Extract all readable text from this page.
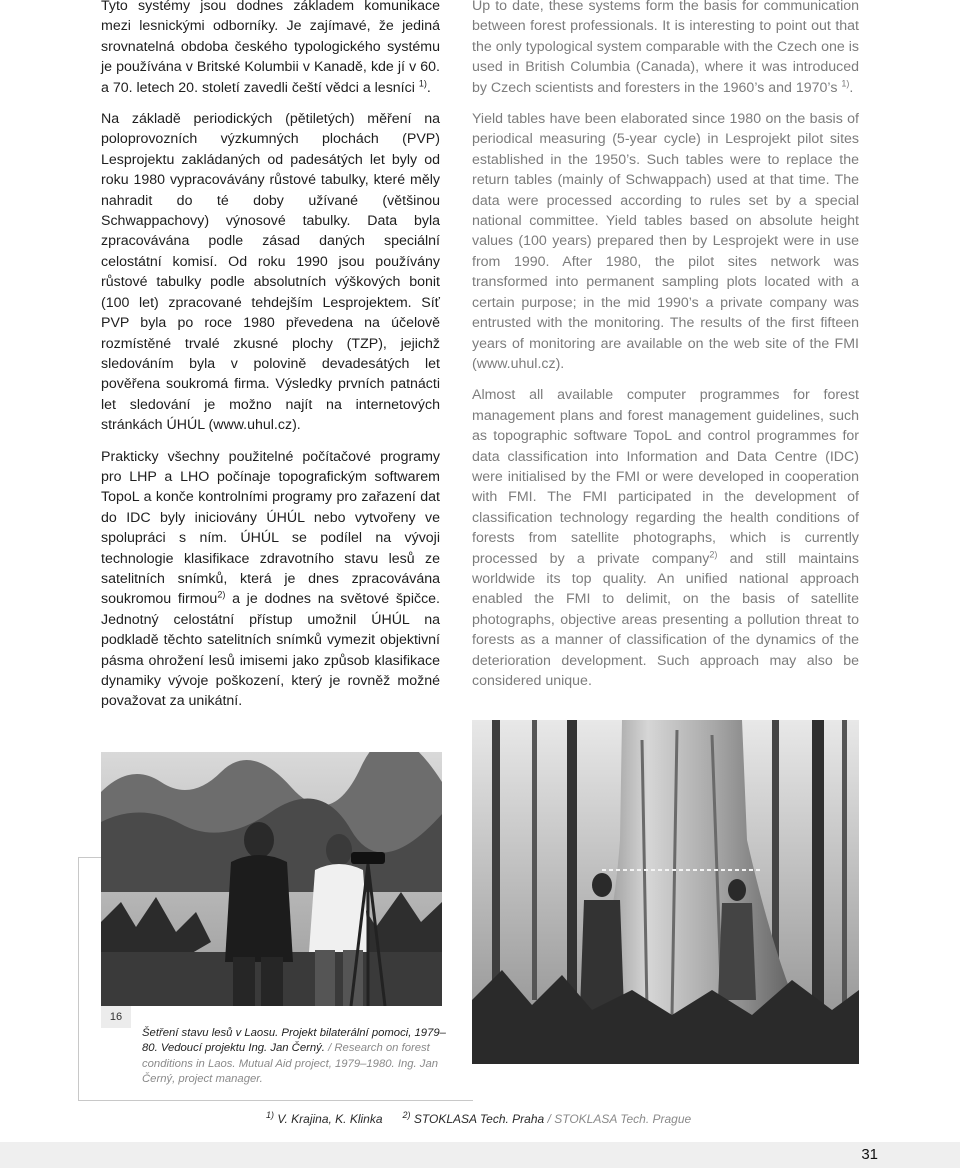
Tyto systémy jsou dodnes základem komunikace mezi lesnickými odborníky. Je zajímavé, že jediná srovnatelná obdoba českého typologického systému je používána v Britské Kolumbii v Kanadě, kde jí v 60. a 70. letech 20. století zavedli čeští vědci a lesníci $^{1)}$.

Na základě periodických (pětiletých) měření na poloprovozních výzkumných plochách (PVP) Lesprojektu zakládaných od padesátých let byly od roku 1980 vypracovávány růstové tabulky, které měly nahradit do té doby užívané (většinou Schwappachovy) výnosové tabulky. Data byla zpracovávána podle zásad daných speciální celostátní komisí. Od roku 1990 jsou používány růstové tabulky podle absolutních výškových bonit (100 let) zpracované tehdejším Lesprojektem. Síť PVP byla po roce 1980 převedena na účelově rozmístěné trvalé zkusné plochy (TZP), jejichž sledováním byla v polovině devadesátých let pověřena soukromá firma. Výsledky prvních patnácti let sledování je možno najít na internetových stránkách ÚHÚL (www.uhul.cz).

Prakticky všechny použitelné počítačové programy pro LHP a LHO počínaje topografickým softwarem TopoL a konče kontrolními programy pro zařazení dat do IDC byly iniciovány ÚHÚL nebo vytvořeny ve spolupráci s ním. ÚHÚL se podílel na vývoji technologie klasifikace zdravotního stavu lesů ze satelitních snímků, která je dnes zpracovávána soukromou firmou$^{2)}$ a je dodnes na světové špičce. Jednotný celostátní přístup umožnil ÚHÚL na podkladě těchto satelitních snímků vymezit objektivní pásma ohrožení lesů imisemi jako způsob klasifikace dynamiky vývoje poškození, který je rovněž možné považovat za unikátní.

Up to date, these systems form the basis for communication between forest professionals. It is interesting to point out that the only typological system comparable with the Czech one is used in British Columbia (Canada), where it was introduced by Czech scientists and foresters in the 1960’s and 1970’s $^{1)}$.

Yield tables have been elaborated since 1980 on the basis of periodical measuring (5-year cycle) in Lesprojekt pilot sites established in the 1950’s. Such tables were to replace the return tables (mainly of Schwappach) used at that time. The data were processed according to rules set by a special national committee. Yield tables based on absolute height values (100 years) prepared then by Lesprojekt were in use from 1990. After 1980, the pilot sites network was transformed into permanent sampling plots located with a certain purpose; in the mid 1990’s a private company was entrusted with the monitoring. The results of the first fifteen years of monitoring are available on the web site of the FMI (www.uhul.cz).

Almost all available computer programmes for forest management plans and forest management guidelines, such as topographic software TopoL and control programmes for data classification into Information and Data Centre (IDC) were initialised by the FMI or were developed in cooperation with FMI. The FMI participated in the development of classification technology regarding the health conditions of forests from satellite photographs, which is currently processed by a private company$^{2)}$ and still maintains worldwide its top quality. An unified national approach enabled the FMI to delimit, on the basis of satellite photographs, objective areas presenting a pollution threat to forests as a manner of classification of the dynamics of the deterioration development. Such approach may also be considered unique.

16
Šetření stavu lesů v Laosu. Projekt bilaterální pomoci, 1979–80. Vedoucí projektu Ing. Jan Černý. / Research on forest conditions in Laos. Mutual Aid project, 1979–1980. Ing. Jan Černý, project manager.
$^{1)}$ V. Krajina, K. Klinka $^{2)}$ STOKLASA Tech. Praha / STOKLASA Tech. Prague
31
